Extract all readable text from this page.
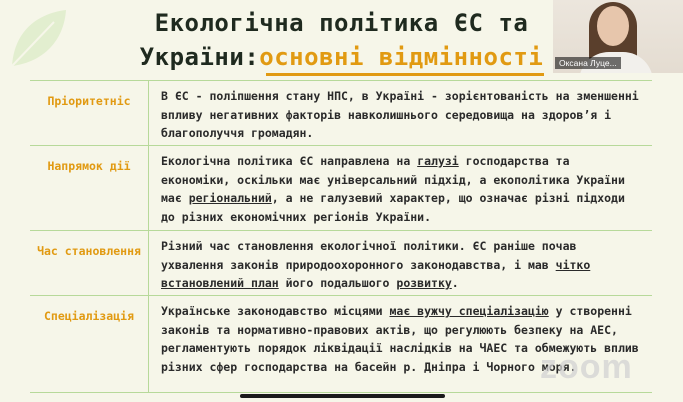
Екологічна політика ЄС та
України:основні відмінності
Пріоритетніс	В ЄС - поліпшення стану НПС, в Україні - зорієнтованість на зменшенні впливу негативних факторів навколишнього середовища на здоров’я і благополуччя громадян.
Напрямок дії	Екологічна політика ЄС направлена на галузі господарства та економіки, оскільки має універсальний підхід, а екополітика України має регіональний, а не галузевий характер, що означає різні підходи до різних економічних регіонів України.
Час становлення	Різний час становлення екологічної політики. ЄС раніше почав ухвалення законів природоохоронного законодавства, і мав чітко встановлений план його подальшого розвитку.
Спеціалізація	Українське законодавство місцями має вужчу спеціалізацію у створенні законів та нормативно-правових актів, що регулюють безпеку на АЕС, регламентують порядок ліквідації наслідків на ЧАЕС та обмежують вплив різних сфер господарства на басейн р. Дніпра і Чорного моря.
Оксана Луце...
zoom
